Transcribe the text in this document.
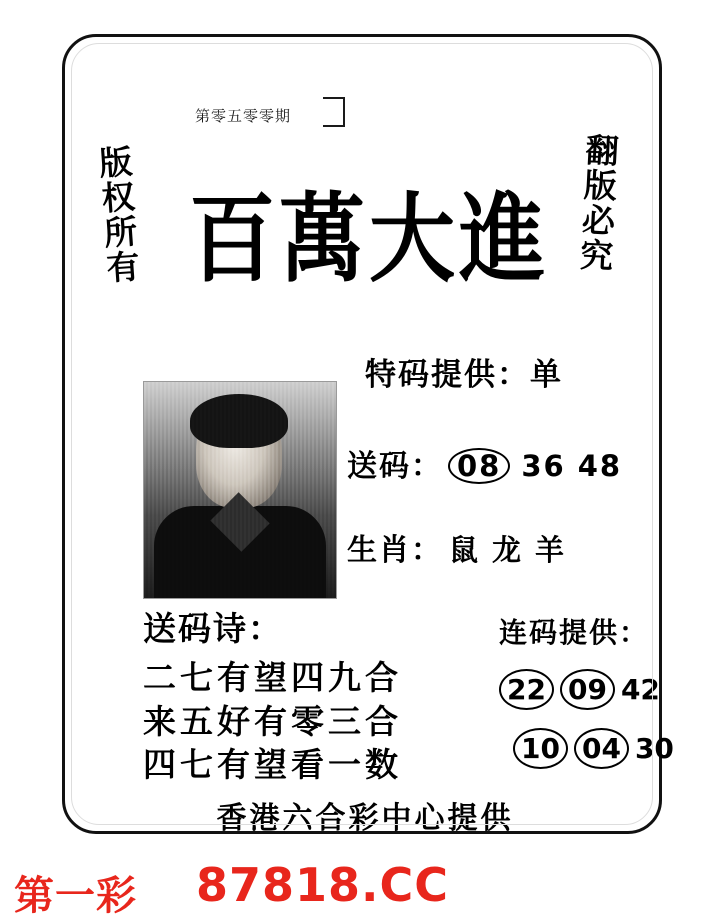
第零五零零期
版权所有	翻版必究
百萬大進
特码提供：单
送码： 08 36 48
生肖： 鼠 龙 羊
送码诗：
二七有望四九合
来五好有零三合
四七有望看一数
连码提供：
22 09 42
10 04 30
香港六合彩中心提供
第一彩 87818.CC
